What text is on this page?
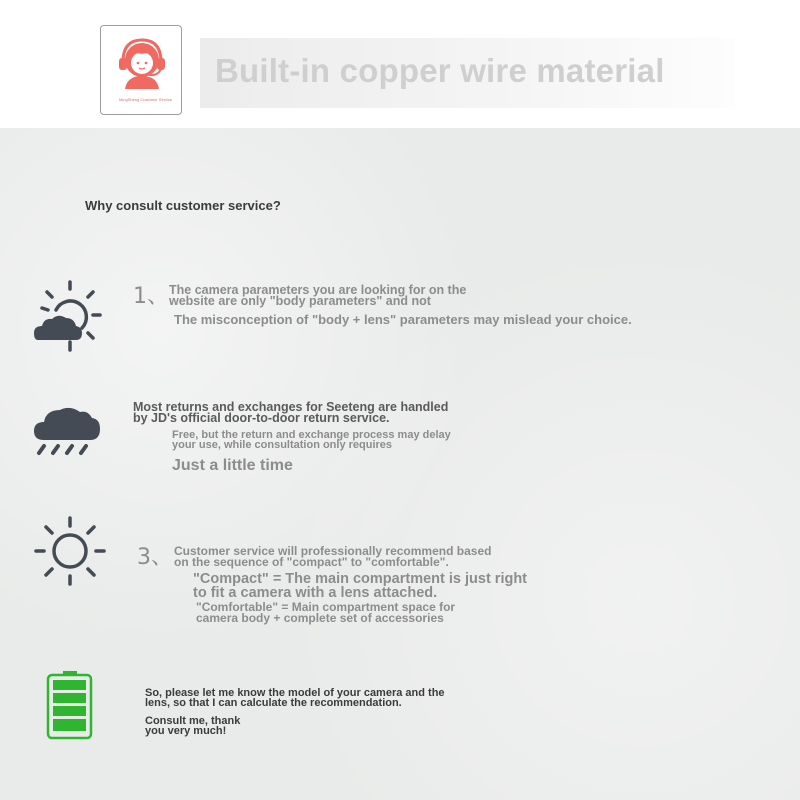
MingSheng Customer Service
Built-in copper wire material

Why consult customer service?

1、 The camera parameters you are looking for on the

website are only "body parameters" and not

The misconception of "body + lens" parameters may mislead your choice.

Most returns and exchanges for Seeteng are handled

by JD's official door-to-door return service.

Free, but the return and exchange process may delay

your use, while consultation only requires

Just a little time

3、 Customer service will professionally recommend based

on the sequence of "compact" to "comfortable".

"Compact" = The main compartment is just right

to fit a camera with a lens attached.

"Comfortable" = Main compartment space for

camera body + complete set of accessories

So, please let me know the model of your camera and the

lens, so that I can calculate the recommendation.

Consult me, thank

you very much!
